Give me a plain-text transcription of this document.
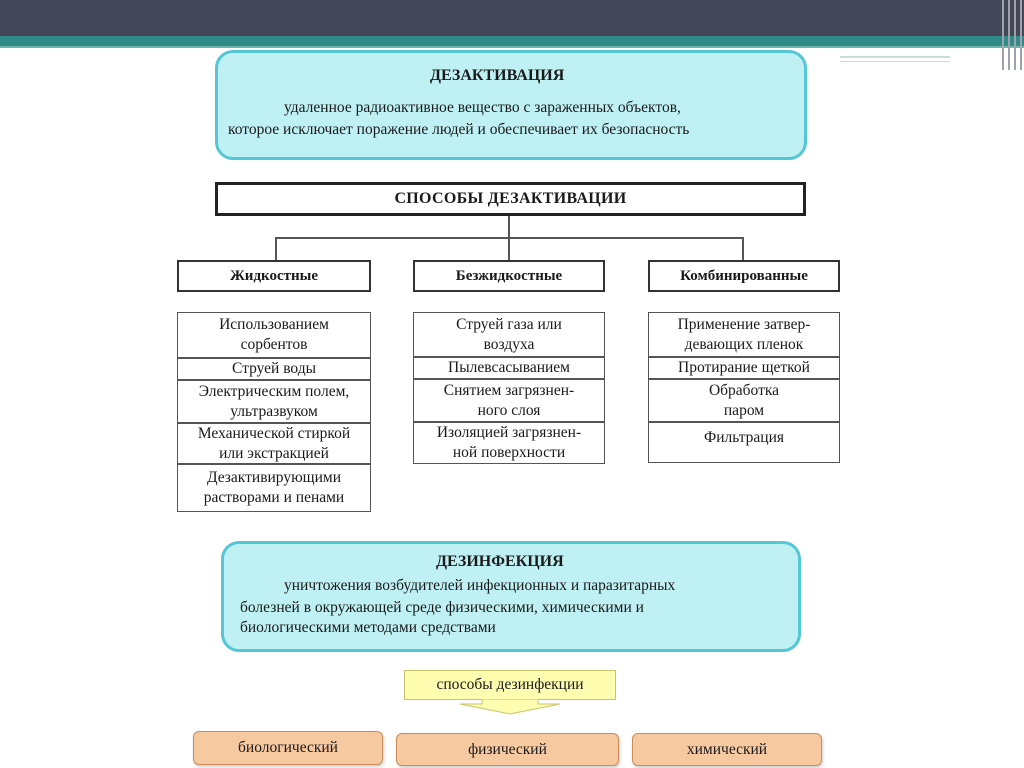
ДЕЗАКТИВАЦИЯ
удаленное радиоактивное вещество с зараженных объектов,
которое исключает поражение людей и обеспечивает их безопасность
СПОСОБЫ ДЕЗАКТИВАЦИИ
Жидкостные	Безжидкостные	Комбинированные
Использованием
сорбентов
Струей воды
Электрическим полем,
ультразвуком
Механической стиркой
или экстракцией
Дезактивирующими
растворами и пенами
Струей газа или
воздуха
Пылевсасыванием
Снятием загрязнен-
ного слоя
Изоляцией загрязнен-
ной поверхности
Применение затвер-
девающих пленок
Протирание щеткой
Обработка
паром
Фильтрация
ДЕЗИНФЕКЦИЯ
уничтожения возбудителей инфекционных и паразитарных
болезней в окружающей среде физическими, химическими и
биологическими методами средствами
способы дезинфекции
биологический	физический	химический
